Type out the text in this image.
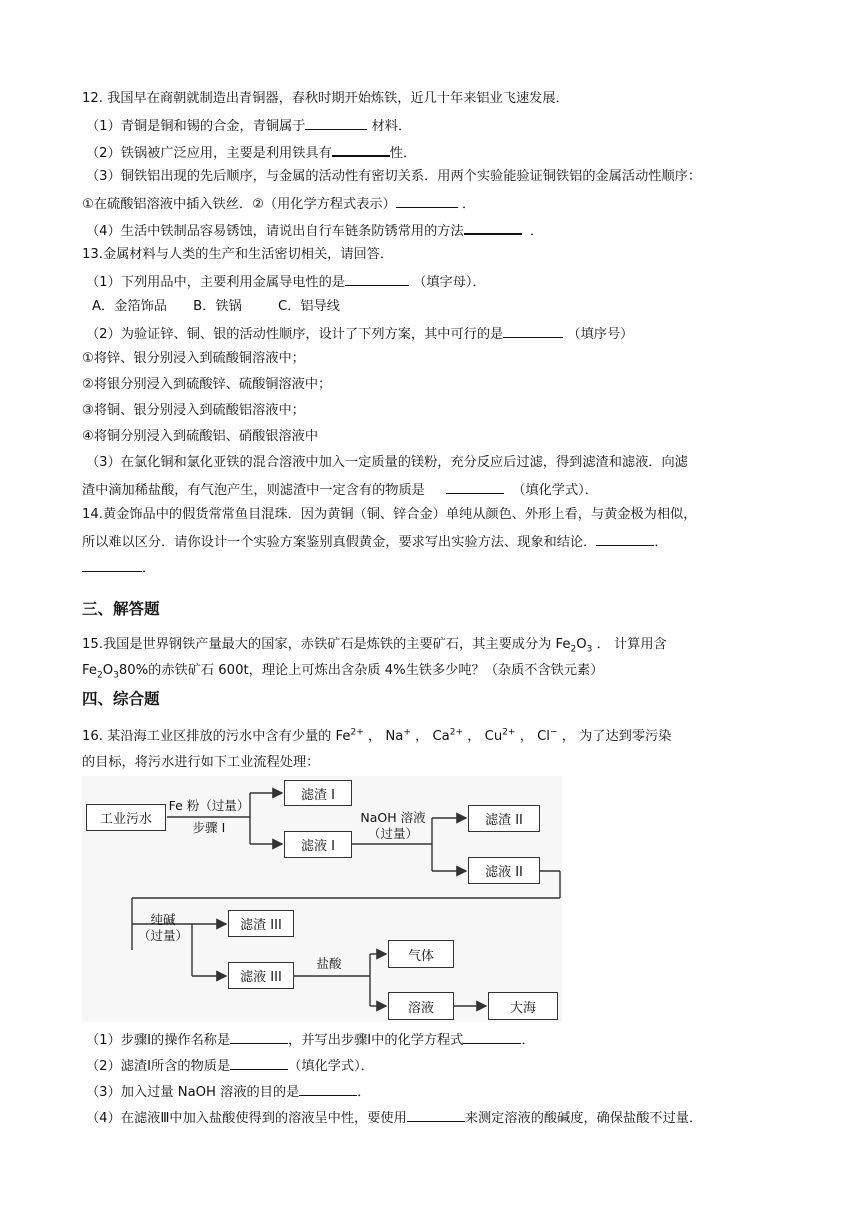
12. 我国早在商朝就制造出青铜器，春秋时期开始炼铁，近几十年来铝业飞速发展．
（1）青铜是铜和锡的合金，青铜属于	材料．
（2）铁锅被广泛应用，主要是利用铁具有	性．
（3）铜铁铝出现的先后顺序，与金属的活动性有密切关系．用两个实验能验证铜铁铝的金属活动性顺序：
①在硫酸铝溶液中插入铁丝．②（用化学方程式表示）	．
（4）生活中铁制品容易锈蚀，请说出自行车链条防锈常用的方法	．
13.金属材料与人类的生产和生活密切相关，请回答．
（1）下列用品中，主要利用金属导电性的是	（填字母）．
A．金箔饰品 B．铁锅	C．铝导线
（2）为验证锌、铜、银的活动性顺序，设计了下列方案，其中可行的是	（填序号）
①将锌、银分别浸入到硫酸铜溶液中；
②将银分别浸入到硫酸锌、硫酸铜溶液中；
③将铜、银分别浸入到硫酸铝溶液中；
④将铜分别浸入到硫酸铝、硝酸银溶液中
（3）在氯化铜和氯化亚铁的混合溶液中加入一定质量的镁粉，充分反应后过滤，得到滤渣和滤液．向滤
渣中滴加稀盐酸，有气泡产生，则滤渣中一定含有的物质是	（填化学式）．
14.黄金饰品中的假货常常鱼目混珠．因为黄铜（铜、锌合金）单纯从颜色、外形上看，与黄金极为相似，
所以难以区分．请你设计一个实验方案鉴别真假黄金，要求写出实验方法、现象和结论．	．
．
三、解答题
15.我国是世界钢铁产量最大的国家，赤铁矿石是炼铁的主要矿石，其主要成分为 $Fe_2O_3$ ． 计算用含
$Fe_2O_380\%$的赤铁矿石 600t，理论上可炼出含杂质 4%生铁多少吨？（杂质不含铁元素）
四、综合题
16. 某沿海工业区排放的污水中含有少量的 $Fe^{2+}$ ， Na+ ， $Ca^{2+}$ ， $Cu^{2+}$ ， Cl− ， 为了达到零污染
的目标，将污水进行如下工业流程处理：
工业污水
Fe 粉（过量）
步骤 I
滤渣 I
滤液 I
NaOH 溶液
（过量）
滤渣 II
滤液 II
纯碱
（过量）
滤渣 III
滤液 III
盐酸	气体
溶液	大海
（1）步骤Ⅰ的操作名称是	，并写出步骤Ⅰ中的化学方程式	．
（2）滤渣Ⅰ所含的物质是	（填化学式）．
（3）加入过量 NaOH 溶液的目的是	．
（4）在滤液Ⅲ中加入盐酸使得到的溶液呈中性，要使用	来测定溶液的酸碱度，确保盐酸不过量．
